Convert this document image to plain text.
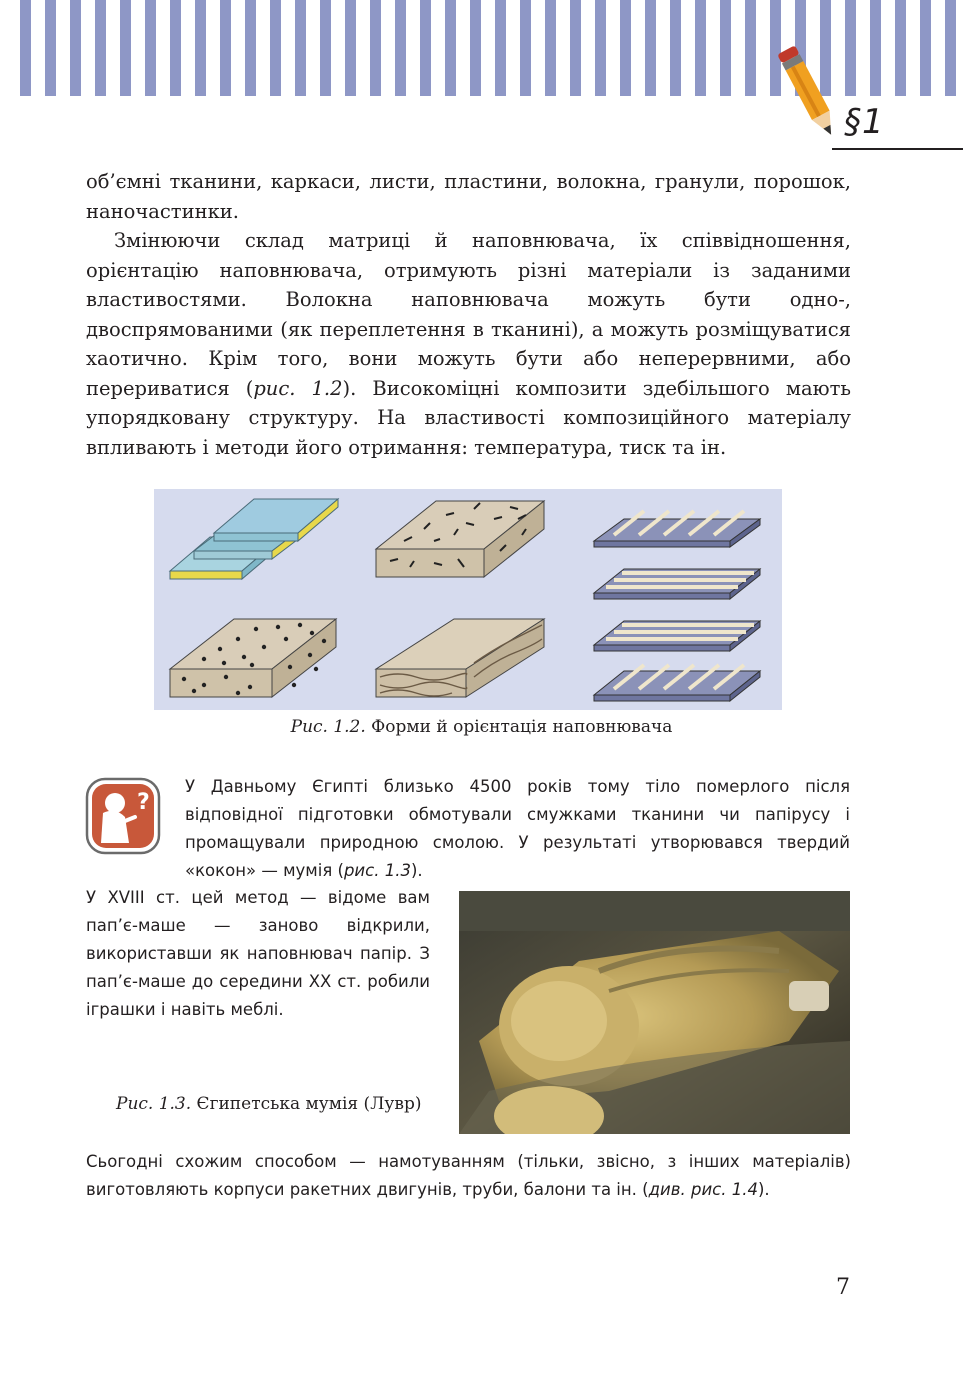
§1

об’ємні тканини, каркаси, листи, пластини, волокна, гранули, порошок, наночастинки.

Змінюючи склад матриці й наповнювача, їх співвідношення, орієнтацію наповнювача, отримують різні матеріали із заданими властивостями. Волокна наповнювача можуть бути одно-, двоспрямованими (як переплетення в тканині), а можуть розміщуватися хаотично. Крім того, вони можуть бути або неперервними, або перериватися (рис. 1.2). Високоміцні композити здебільшого мають упорядковану структуру. На властивості композиційного матеріалу впливають і методи його отримання: температура, тиск та ін.

Рис. 1.2. Форми й орієнтація наповнювача
?

У Давньому Єгипті близько 4500 років тому тіло померлого після відповідної підготовки обмотували смужками тканини чи папірусу і промащували природною смолою. У результаті утворювався твердий «кокон» — мумія (рис. 1.3).

У XVIII ст. цей метод — відоме вам пап’є-маше — заново відкрили, використавши як наповнювач папір. З пап’є-маше до середини XX ст. робили іграшки і навіть меблі.

Рис. 1.3. Єгипетська мумія (Лувр)

Сьогодні схожим способом — намотуванням (тільки, звісно, з інших матеріалів) виготовляють корпуси ракетних двигунів, труби, балони та ін. (див. рис. 1.4).

7
